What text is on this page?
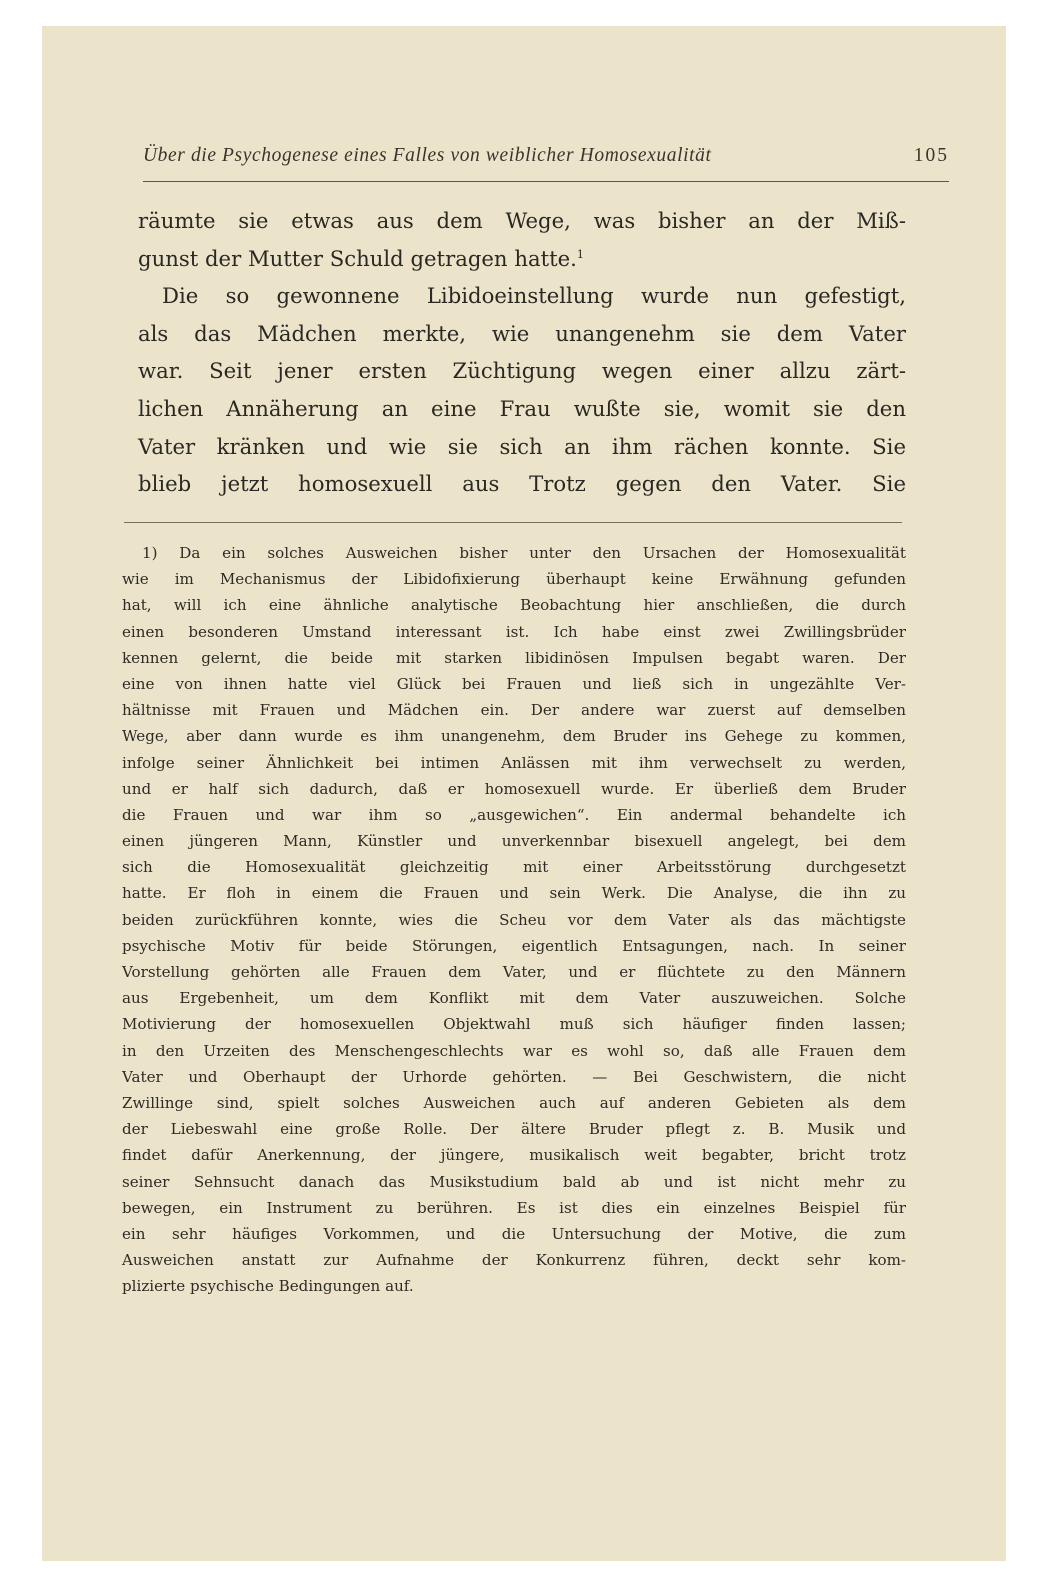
Über die Psychogenese eines Falles von weiblicher Homosexualität	105
räumte sie etwas aus dem Wege, was bisher an der Miß-
gunst der Mutter Schuld getragen hatte.$^1$
Die so gewonnene Libidoeinstellung wurde nun gefestigt,
als das Mädchen merkte, wie unangenehm sie dem Vater
war. Seit jener ersten Züchtigung wegen einer allzu zärt-
lichen Annäherung an eine Frau wußte sie, womit sie den
Vater kränken und wie sie sich an ihm rächen konnte. Sie
blieb jetzt homosexuell aus Trotz gegen den Vater. Sie
1) Da ein solches Ausweichen bisher unter den Ursachen der Homosexualität
wie im Mechanismus der Libidofixierung überhaupt keine Erwähnung gefunden
hat, will ich eine ähnliche analytische Beobachtung hier anschließen, die durch
einen besonderen Umstand interessant ist. Ich habe einst zwei Zwillingsbrüder
kennen gelernt, die beide mit starken libidinösen Impulsen begabt waren. Der
eine von ihnen hatte viel Glück bei Frauen und ließ sich in ungezählte Ver-
hältnisse mit Frauen und Mädchen ein. Der andere war zuerst auf demselben
Wege, aber dann wurde es ihm unangenehm, dem Bruder ins Gehege zu kommen,
infolge seiner Ähnlichkeit bei intimen Anlässen mit ihm verwechselt zu werden,
und er half sich dadurch, daß er homosexuell wurde. Er überließ dem Bruder
die Frauen und war ihm so „ausgewichen“. Ein andermal behandelte ich
einen jüngeren Mann, Künstler und unverkennbar bisexuell angelegt, bei dem
sich die Homosexualität gleichzeitig mit einer Arbeitsstörung durchgesetzt
hatte. Er floh in einem die Frauen und sein Werk. Die Analyse, die ihn zu
beiden zurückführen konnte, wies die Scheu vor dem Vater als das mächtigste
psychische Motiv für beide Störungen, eigentlich Entsagungen, nach. In seiner
Vorstellung gehörten alle Frauen dem Vater, und er flüchtete zu den Männern
aus Ergebenheit, um dem Konflikt mit dem Vater auszuweichen. Solche
Motivierung der homosexuellen Objektwahl muß sich häufiger finden lassen;
in den Urzeiten des Menschengeschlechts war es wohl so, daß alle Frauen dem
Vater und Oberhaupt der Urhorde gehörten. — Bei Geschwistern, die nicht
Zwillinge sind, spielt solches Ausweichen auch auf anderen Gebieten als dem
der Liebeswahl eine große Rolle. Der ältere Bruder pflegt z. B. Musik und
findet dafür Anerkennung, der jüngere, musikalisch weit begabter, bricht trotz
seiner Sehnsucht danach das Musikstudium bald ab und ist nicht mehr zu
bewegen, ein Instrument zu berühren. Es ist dies ein einzelnes Beispiel für
ein sehr häufiges Vorkommen, und die Untersuchung der Motive, die zum
Ausweichen anstatt zur Aufnahme der Konkurrenz führen, deckt sehr kom-
plizierte psychische Bedingungen auf.
